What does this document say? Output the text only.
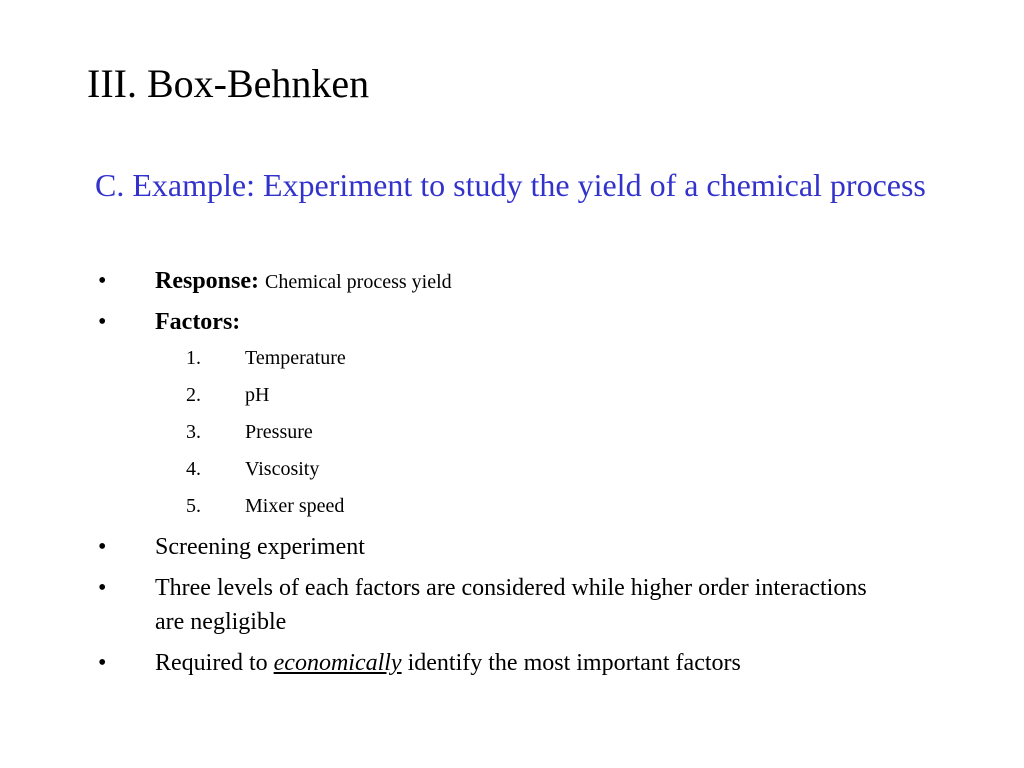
III. Box-Behnken

C. Example: Experiment to study the yield of a chemical process

• Response: Chemical process yield
• Factors:
1. Temperature
2. pH
3. Pressure
4. Viscosity
5. Mixer speed
• Screening experiment
• Three levels of each factors are considered while higher order interactions are negligible
• Required to economically identify the most important factors
